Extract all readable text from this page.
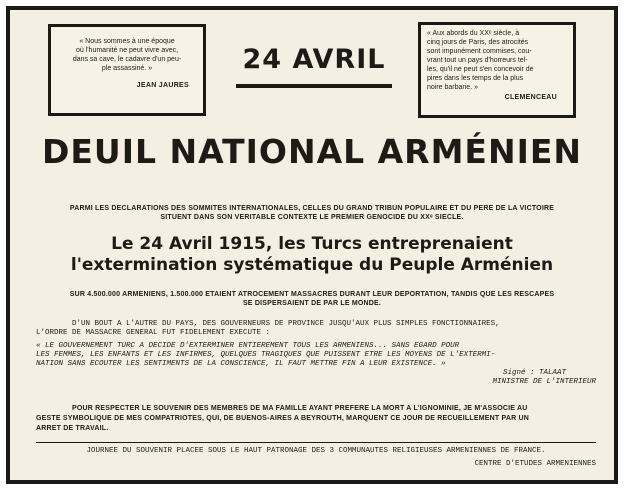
« Nous sommes à une époque
où l'humanité ne peut vivre avec,
dans sa cave, le cadavre d'un peu-
ple assassiné. »
JEAN JAURES
24 AVRIL
« Aux abords du XXᵉ siècle, à
cinq jours de Paris, des atrocités
sont impunément commises, cou-
vrant tout un pays d'horreurs tel-
les, qu'il ne peut s'en concevoir de
pires dans les temps de la plus
noire barbarie. »
CLEMENCEAU
DEUIL NATIONAL ARMÉNIEN
PARMI LES DECLARATIONS DES SOMMITES INTERNATIONALES, CELLES DU GRAND TRIBUN POPULAIRE ET DU PERE DE LA VICTOIRE
SITUENT DANS SON VERITABLE CONTEXTE LE PREMIER GENOCIDE DU XXᵉ SIECLE.
Le 24 Avril 1915, les Turcs entreprenaient
l'extermination systématique du Peuple Arménien
SUR 4.500.000 ARMENIENS, 1.500.000 ETAIENT ATROCEMENT MASSACRES DURANT LEUR DEPORTATION, TANDIS QUE LES RESCAPES
SE DISPERSAIENT DE PAR LE MONDE.
D'UN BOUT A L'AUTRE DU PAYS, DES GOUVERNEURS DE PROVINCE JUSQU'AUX PLUS SIMPLES FONCTIONNAIRES,
L'ORDRE DE MASSACRE GENERAL FUT FIDELEMENT EXECUTE :
« LE GOUVERNEMENT TURC A DECIDE D'EXTERMINER ENTIEREMENT TOUS LES ARMENIENS... SANS EGARD POUR
LES FEMMES, LES ENFANTS ET LES INFIRMES, QUELQUES TRAGIQUES QUE PUISSENT ETRE LES MOYENS DE L'EXTERMI-
NATION SANS ECOUTER LES SENTIMENTS DE LA CONSCIENCE, IL FAUT METTRE FIN A LEUR EXISTENCE. »
Signé : TALAAT
MINISTRE DE L'INTERIEUR
POUR RESPECTER LE SOUVENIR DES MEMBRES DE MA FAMILLE AYANT PREFERE LA MORT A L'IGNOMINIE, JE M'ASSOCIE AU
GESTE SYMBOLIQUE DE MES COMPATRIOTES, QUI, DE BUENOS-AIRES A BEYROUTH, MARQUENT CE JOUR DE RECUEILLEMENT PAR UN
ARRET DE TRAVAIL.
JOURNEE DU SOUVENIR PLACEE SOUS LE HAUT PATRONAGE DES 3 COMMUNAUTES RELIGIEUSES ARMENIENNES DE FRANCE.
CENTRE D'ETUDES ARMENIENNES
